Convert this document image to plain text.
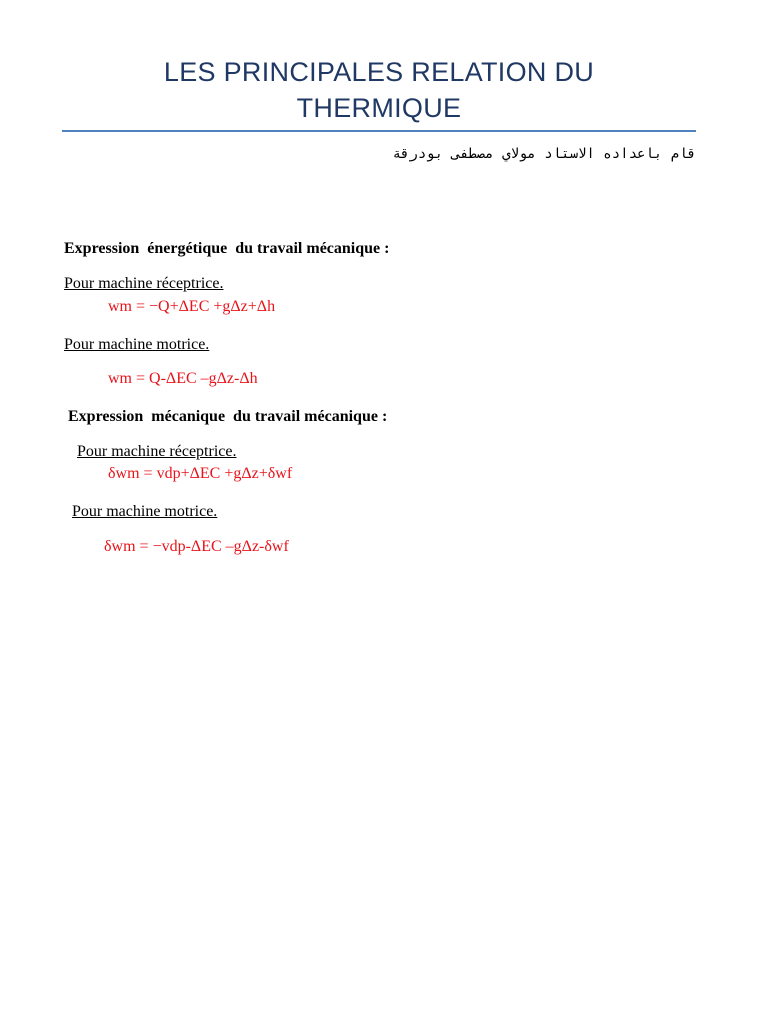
LES PRINCIPALES RELATION DU
THERMIQUE
قام باعداده الاستاد مولاي مصطفى بودرقة
Expression  énergétique  du travail mécanique :
Pour machine réceptrice.
wm = −Q+ΔEC +gΔz+Δh
Pour machine motrice.
wm = Q-ΔEC –gΔz-Δh
Expression  mécanique  du travail mécanique :
Pour machine réceptrice.
δwm = vdp+ΔEC +gΔz+δwf
Pour machine motrice.
δwm = −vdp-ΔEC –gΔz-δwf
